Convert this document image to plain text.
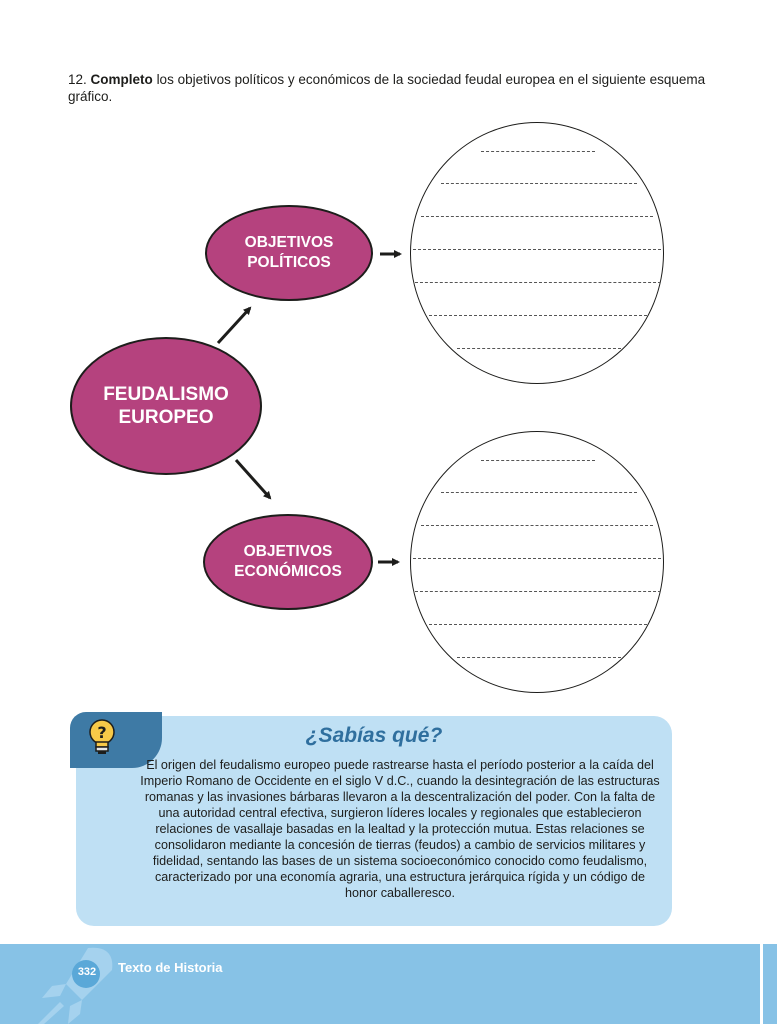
12. Completo los objetivos políticos y económicos de la sociedad feudal europea en el siguiente esquema gráfico.
FEUDALISMO
EUROPEO
OBJETIVOS
POLÍTICOS
OBJETIVOS
ECONÓMICOS
?	¿Sabías qué?
El origen del feudalismo europeo puede rastrearse hasta el período posterior a la caída del Imperio Romano de Occidente en el siglo V d.C., cuando la desintegración de las estructuras romanas y las invasiones bárbaras llevaron a la descentralización del poder. Con la falta de una autoridad central efectiva, surgieron líderes locales y regionales que establecieron relaciones de vasallaje basadas en la lealtad y la protección mutua. Estas relaciones se consolidaron mediante la concesión de tierras (feudos) a cambio de servicios militares y fidelidad, sentando las bases de un sistema socioeconómico conocido como feudalismo, caracterizado por una economía agraria, una estructura jerárquica rígida y un código de honor caballeresco.
332 Texto de Historia
